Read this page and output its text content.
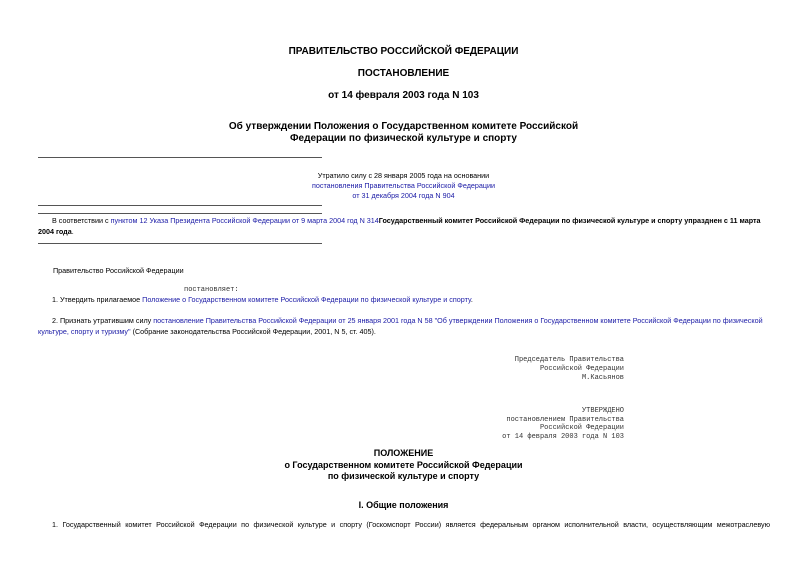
ПРАВИТЕЛЬСТВО РОССИЙСКОЙ ФЕДЕРАЦИИ
ПОСТАНОВЛЕНИЕ
от 14 февраля 2003 года N 103
Об утверждении Положения о Государственном комитете Российской
Федерации по физической культуре и спорту
Утратило силу с 28 января 2005 года на основании
постановления Правительства Российской Федерации
от 31 декабря 2004 года N 904
В соответствии с пунктом 12 Указа Президента Российской Федерации от 9 марта 2004 год N 314Государственный комитет Российской Федерации по физической культуре и спорту упразднен с 11 марта 2004 года.
Правительство Российской Федерации
постановляет:
1. Утвердить прилагаемое Положение о Государственном комитете Российской Федерации по физической культуре и спорту.
2. Признать утратившим силу постановление Правительства Российской Федерации от 25 января 2001 года N 58 "Об утверждении Положения о Государственном комитете Российской Федерации по физической культуре, спорту и туризму" (Собрание законодательства Российской Федерации, 2001, N 5, ст. 405).
Председатель Правительства
Российской Федерации
М.Касьянов
УТВЕРЖДЕНО
постановлением Правительства
Российской Федерации
от 14 февраля 2003 года N 103
ПОЛОЖЕНИЕ
о Государственном комитете Российской Федерации
по физической культуре и спорту
I. Общие положения
1. Государственный комитет Российской Федерации по физической культуре и спорту (Госкомспорт России) является федеральным органом исполнительной власти, осуществляющим межотраслевую
